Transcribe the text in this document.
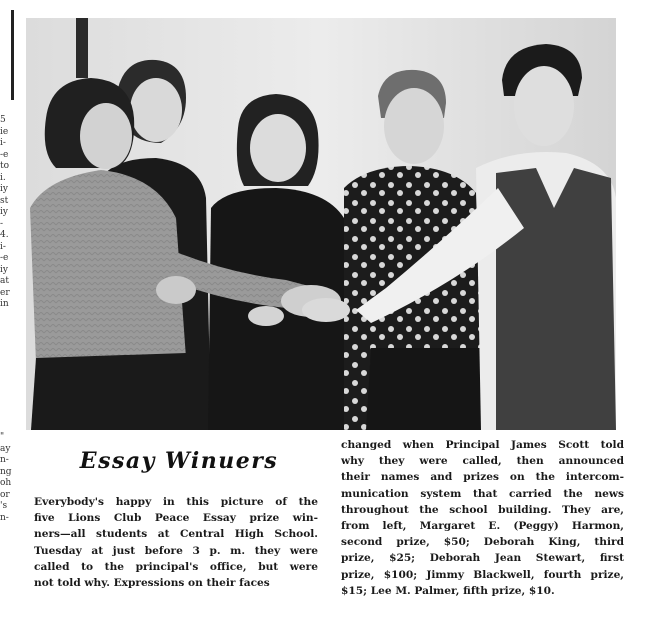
5
ie
i-
-e
to
i.
iy
st
iy
-
4.
i-
-e
iy
at
er
in
"
ay
n-
ng
oh
or
's
n-
Essay Winuers
Everybody's happy in this picture of the
five Lions Club Peace Essay prize win-
ners—all students at Central High School.
Tuesday at just before 3 p. m. they were
called to the principal's office, but were
not told why. Expressions on their faces
changed when Principal James Scott told
why they were called, then announced
their names and prizes on the intercom-
munication system that carried the news
throughout the school building. They are,
from left, Margaret E. (Peggy) Harmon,
second prize, $50; Deborah King, third
prize, $25; Deborah Jean Stewart, first
prize, $100; Jimmy Blackwell, fourth prize,
$15; Lee M. Palmer, fifth prize, $10.
